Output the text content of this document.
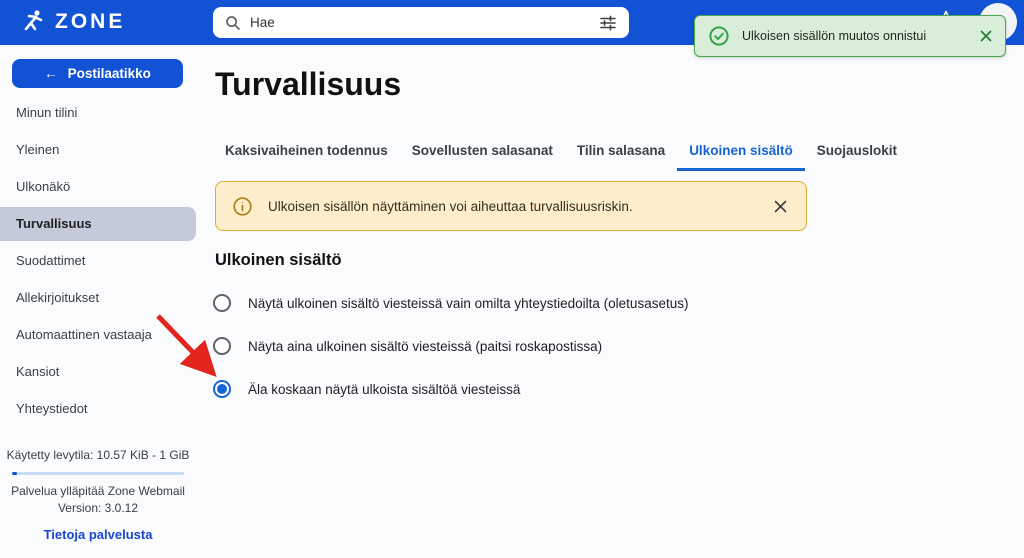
ZONE
Hae
Ulkoisen sisällön muutos onnistui
← Postilaatikko
Minun tilini
Yleinen
Ulkonäkö
Turvallisuus
Suodattimet
Allekirjoitukset
Automaattinen vastaaja
Kansiot
Yhteystiedot
Käytetty levytila: 10.57 KiB - 1 GiB
Palvelua ylläpitää Zone Webmail
Version: 3.0.12
Tietoja palvelusta
Turvallisuus
Kaksivaiheinen todennus	Sovellusten salasanat	Tilin salasana	Ulkoinen sisältö	Suojauslokit
Ulkoisen sisällön näyttäminen voi aiheuttaa turvallisuusriskin.
Ulkoinen sisältö
Näytä ulkoinen sisältö viesteissä vain omilta yhteystiedoilta (oletusasetus)
Näyta aina ulkoinen sisältö viesteissä (paitsi roskapostissa)
Äla koskaan näytä ulkoista sisältöä viesteissä
